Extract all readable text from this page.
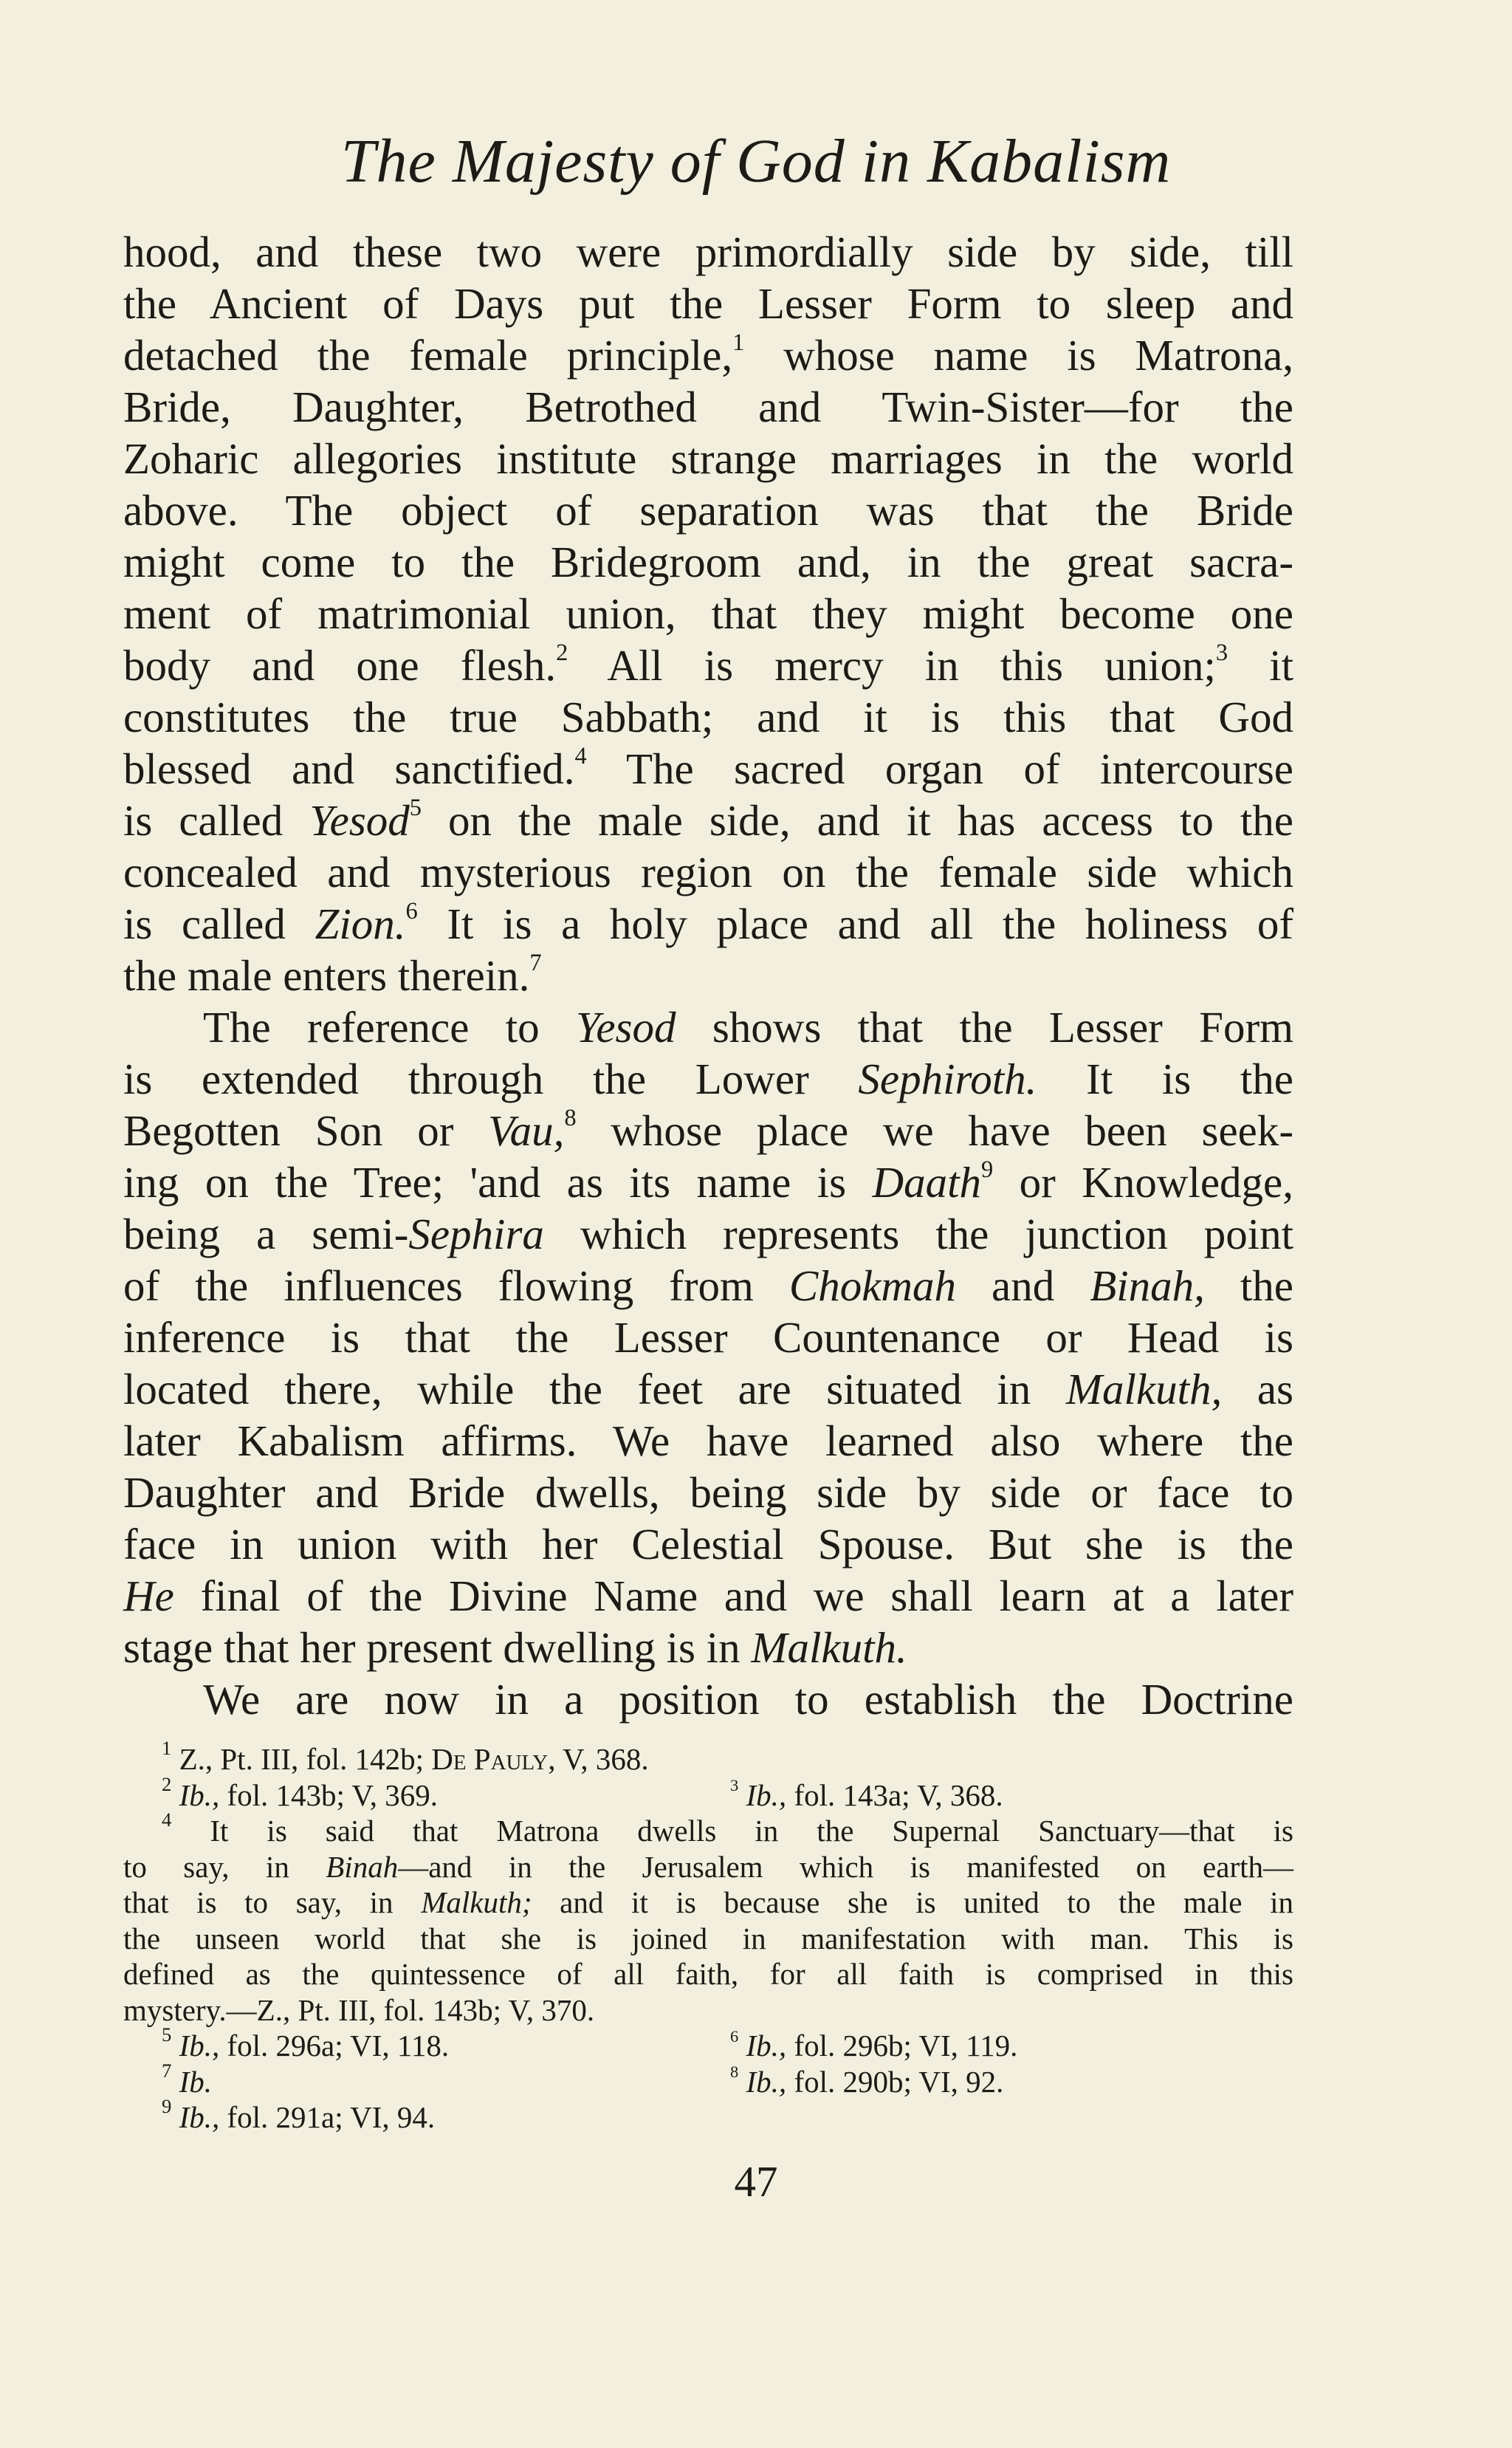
The Majesty of God in Kabalism
hood, and these two were primordially side by side, till
the Ancient of Days put the Lesser Form to sleep and
detached the female principle,$^1$ whose name is Matrona,
Bride, Daughter, Betrothed and Twin-Sister—for the
Zoharic allegories institute strange marriages in the world
above. The object of separation was that the Bride
might come to the Bridegroom and, in the great sacra-
ment of matrimonial union, that they might become one
body and one flesh.$^2$ All is mercy in this union;$^3$ it
constitutes the true Sabbath; and it is this that God
blessed and sanctified.$^4$ The sacred organ of intercourse
is called Yesod$^5$ on the male side, and it has access to the
concealed and mysterious region on the female side which
is called Zion.$^6$ It is a holy place and all the holiness of
the male enters therein.$^7$
The reference to Yesod shows that the Lesser Form
is extended through the Lower Sephiroth. It is the
Begotten Son or Vau,$^8$ whose place we have been seek-
ing on the Tree; 'and as its name is Daath$^9$ or Knowledge,
being a semi-Sephira which represents the junction point
of the influences flowing from Chokmah and Binah, the
inference is that the Lesser Countenance or Head is
located there, while the feet are situated in Malkuth, as
later Kabalism affirms. We have learned also where the
Daughter and Bride dwells, being side by side or face to
face in union with her Celestial Spouse. But she is the
He final of the Divine Name and we shall learn at a later
stage that her present dwelling is in Malkuth.
We are now in a position to establish the Doctrine
$^1$ Z., Pt. III, fol. 142b; De Pauly, V, 368.
$^2$ Ib., fol. 143b; V, 369.	$^3$ Ib., fol. 143a; V, 368.
$^4$ It is said that Matrona dwells in the Supernal Sanctuary—that is
to say, in Binah—and in the Jerusalem which is manifested on earth—
that is to say, in Malkuth; and it is because she is united to the male in
the unseen world that she is joined in manifestation with man. This is
defined as the quintessence of all faith, for all faith is comprised in this
mystery.—Z., Pt. III, fol. 143b; V, 370.
$^5$ Ib., fol. 296a; VI, 118.	$^6$ Ib., fol. 296b; VI, 119.
$^7$ Ib.	$^8$ Ib., fol. 290b; VI, 92.
$^9$ Ib., fol. 291a; VI, 94.
47
